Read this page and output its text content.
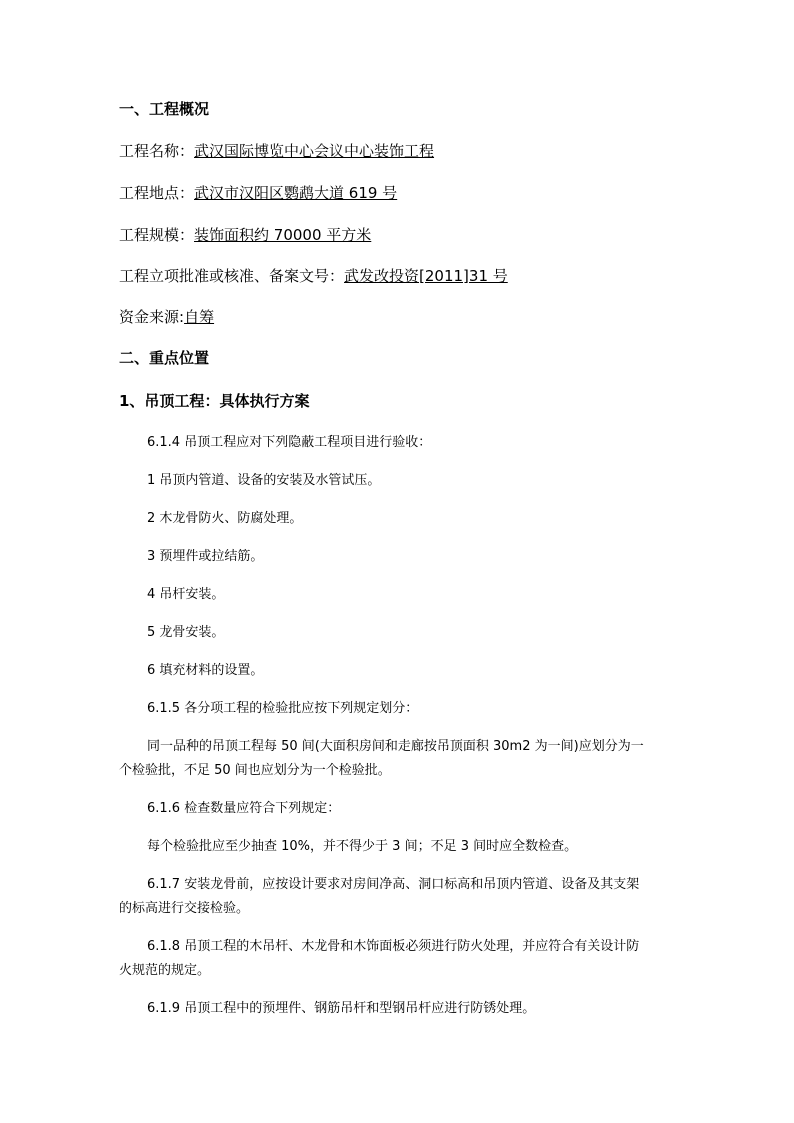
一、工程概况
工程名称：武汉国际博览中心会议中心装饰工程
工程地点：武汉市汉阳区鹦鹉大道 619 号
工程规模：装饰面积约 70000 平方米
工程立项批准或核准、备案文号：武发改投资[2011]31 号
资金来源:自筹
二、重点位置
1、吊顶工程：具体执行方案
6.1.4 吊顶工程应对下列隐蔽工程项目进行验收：
1 吊顶内管道、设备的安装及水管试压。
2 木龙骨防火、防腐处理。
3 预埋件或拉结筋。
4 吊杆安装。
5 龙骨安装。
6 填充材料的设置。
6.1.5 各分项工程的检验批应按下列规定划分：
同一品种的吊顶工程每 50 间(大面积房间和走廊按吊顶面积 30m2 为一间)应划分为一
个检验批，不足 50 间也应划分为一个检验批。
6.1.6 检查数量应符合下列规定：
每个检验批应至少抽查 10%，并不得少于 3 间；不足 3 间时应全数检查。
6.1.7 安装龙骨前，应按设计要求对房间净高、洞口标高和吊顶内管道、设备及其支架
的标高进行交接检验。
6.1.8 吊顶工程的木吊杆、木龙骨和木饰面板必须进行防火处理，并应符合有关设计防
火规范的规定。
6.1.9 吊顶工程中的预埋件、钢筋吊杆和型钢吊杆应进行防锈处理。
